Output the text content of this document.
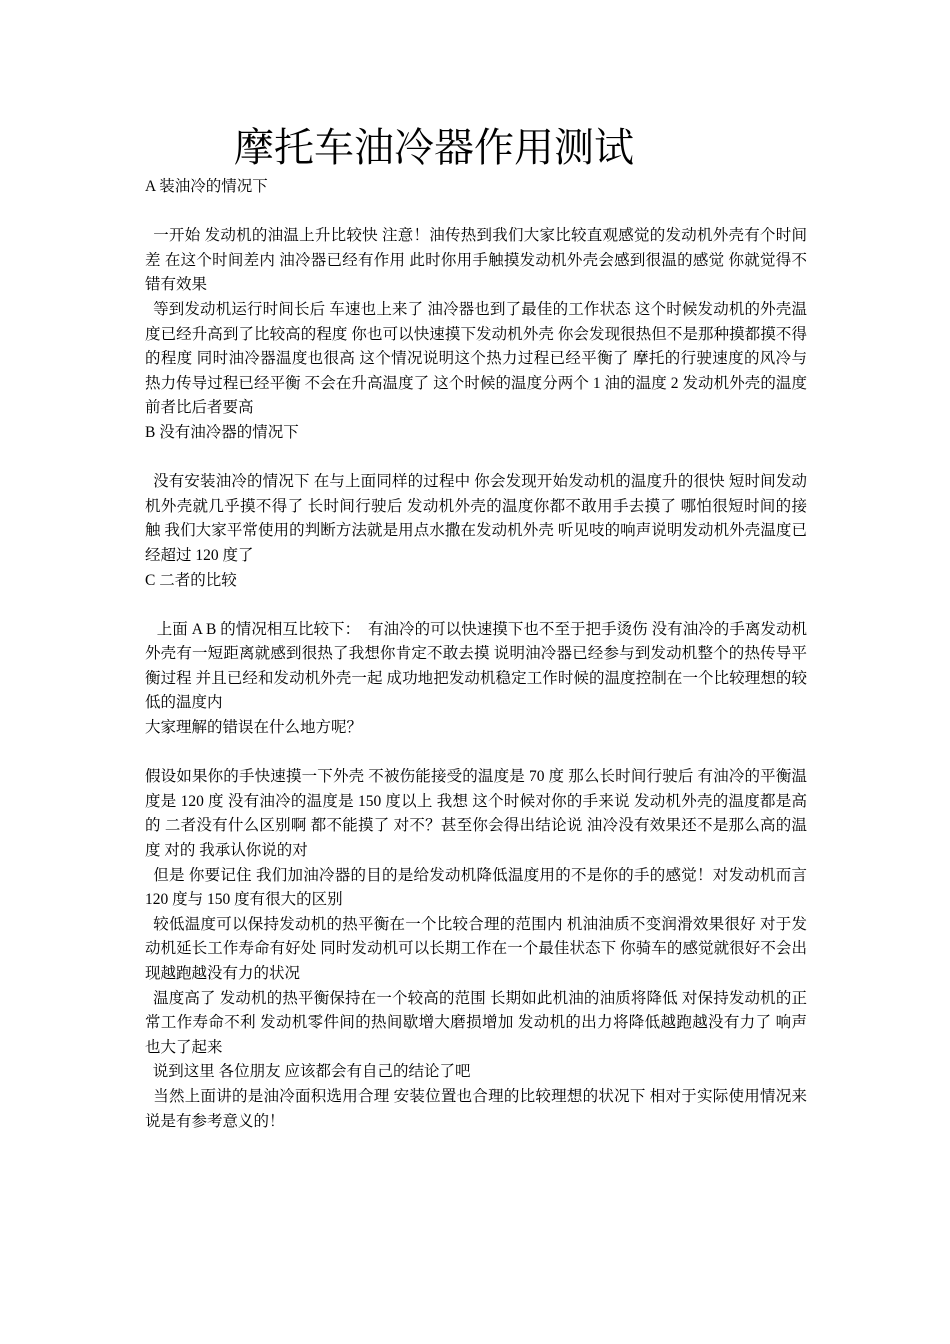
摩托车油冷器作用测试

A 装油冷的情况下

一开始 发动机的油温上升比较快 注意！油传热到我们大家比较直观感觉的发动机外壳有个时间差 在这个时间差内 油冷器已经有作用 此时你用手触摸发动机外壳会感到很温的感觉 你就觉得不错有效果

等到发动机运行时间长后 车速也上来了 油冷器也到了最佳的工作状态 这个时候发动机的外壳温度已经升高到了比较高的程度 你也可以快速摸下发动机外壳 你会发现很热但不是那种摸都摸不得的程度 同时油冷器温度也很高 这个情况说明这个热力过程已经平衡了 摩托的行驶速度的风冷与热力传导过程已经平衡 不会在升高温度了 这个时候的温度分两个 1 油的温度 2 发动机外壳的温度 前者比后者要高

B 没有油冷器的情况下

没有安装油冷的情况下 在与上面同样的过程中 你会发现开始发动机的温度升的很快 短时间发动机外壳就几乎摸不得了 长时间行驶后 发动机外壳的温度你都不敢用手去摸了 哪怕很短时间的接触 我们大家平常使用的判断方法就是用点水撒在发动机外壳 听见吱的响声说明发动机外壳温度已经超过 120 度了

C 二者的比较

上面 A B 的情况相互比较下：  有油冷的可以快速摸下也不至于把手烫伤 没有油冷的手离发动机外壳有一短距离就感到很热了我想你肯定不敢去摸 说明油冷器已经参与到发动机整个的热传导平衡过程 并且已经和发动机外壳一起 成功地把发动机稳定工作时候的温度控制在一个比较理想的较低的温度内

大家理解的错误在什么地方呢？

假设如果你的手快速摸一下外壳 不被伤能接受的温度是 70 度 那么长时间行驶后 有油冷的平衡温度是 120 度 没有油冷的温度是 150 度以上 我想 这个时候对你的手来说 发动机外壳的温度都是高的 二者没有什么区别啊 都不能摸了 对不？甚至你会得出结论说 油冷没有效果还不是那么高的温度 对的 我承认你说的对

但是 你要记住 我们加油冷器的目的是给发动机降低温度用的不是你的手的感觉！对发动机而言 120 度与 150 度有很大的区别

较低温度可以保持发动机的热平衡在一个比较合理的范围内 机油油质不变润滑效果很好 对于发动机延长工作寿命有好处 同时发动机可以长期工作在一个最佳状态下 你骑车的感觉就很好不会出现越跑越没有力的状况

温度高了 发动机的热平衡保持在一个较高的范围 长期如此机油的油质将降低 对保持发动机的正常工作寿命不利 发动机零件间的热间歇增大磨损增加 发动机的出力将降低越跑越没有力了 响声也大了起来

说到这里 各位朋友 应该都会有自己的结论了吧

当然上面讲的是油冷面积选用合理 安装位置也合理的比较理想的状况下 相对于实际使用情况来说是有参考意义的！
